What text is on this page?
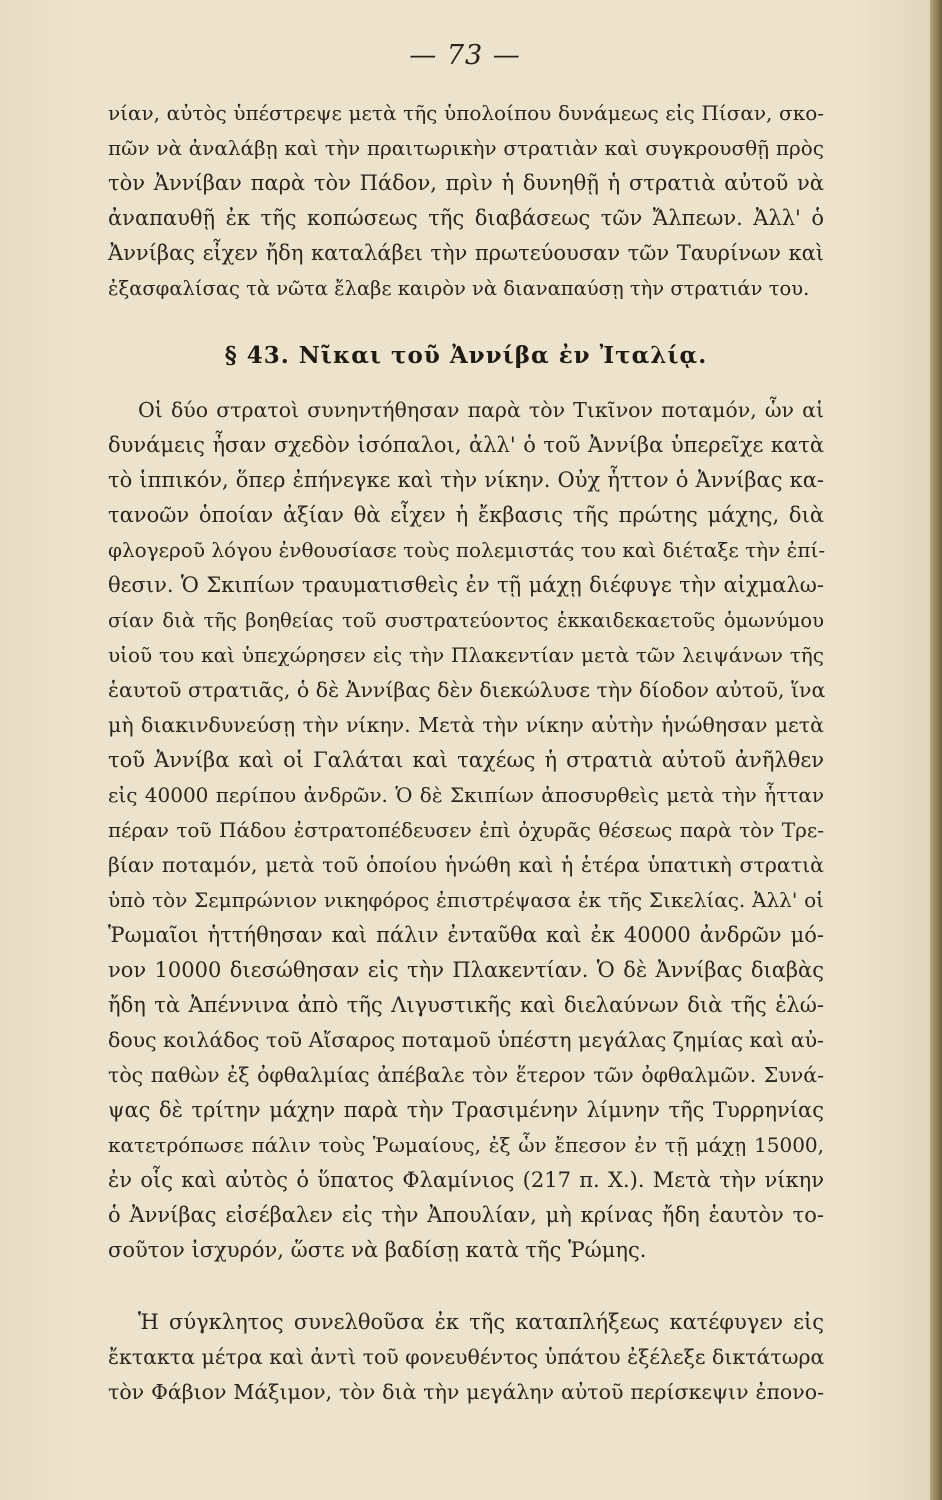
— 73 —
νίαν, αὐτὸς ὑπέστρεψε μετὰ τῆς ὑπολοίπου δυνάμεως εἰς Πίσαν, σκο-
πῶν νὰ ἀναλάβῃ καὶ τὴν πραιτωρικὴν στρατιὰν καὶ συγκρουσθῇ πρὸς
τὸν Ἀννίβαν παρὰ τὸν Πάδον, πρὶν ἡ δυνηθῇ ἡ στρατιὰ αὐτοῦ νὰ
ἀναπαυθῇ ἐκ τῆς κοπώσεως τῆς διαβάσεως τῶν Ἄλπεων. Ἀλλ' ὁ
Ἀννίβας εἶχεν ἤδη καταλάβει τὴν πρωτεύουσαν τῶν Ταυρίνων καὶ
ἐξασφαλίσας τὰ νῶτα ἔλαβε καιρὸν νὰ διαναπαύσῃ τὴν στρατιάν του.
§ 43. Νῖκαι τοῦ Ἀννίβα ἐν Ἰταλίᾳ.
Οἱ δύο στρατοὶ συνηντήθησαν παρὰ τὸν Τικῖνον ποταμόν, ὧν αἱ
δυνάμεις ἦσαν σχεδὸν ἰσόπαλοι, ἀλλ' ὁ τοῦ Ἀννίβα ὑπερεῖχε κατὰ
τὸ ἱππικόν, ὅπερ ἐπήνεγκε καὶ τὴν νίκην. Οὐχ ἧττον ὁ Ἀννίβας κα-
τανοῶν ὁποίαν ἀξίαν θὰ εἶχεν ἡ ἔκβασις τῆς πρώτης μάχης, διὰ
φλογεροῦ λόγου ἐνθουσίασε τοὺς πολεμιστάς του καὶ διέταξε τὴν ἐπί-
θεσιν. Ὁ Σκιπίων τραυματισθεὶς ἐν τῇ μάχῃ διέφυγε τὴν αἰχμαλω-
σίαν διὰ τῆς βοηθείας τοῦ συστρατεύοντος ἑκκαιδεκαετοῦς ὁμωνύμου
υἱοῦ του καὶ ὑπεχώρησεν εἰς τὴν Πλακεντίαν μετὰ τῶν λειψάνων τῆς
ἑαυτοῦ στρατιᾶς, ὁ δὲ Ἀννίβας δὲν διεκώλυσε τὴν δίοδον αὐτοῦ, ἵνα
μὴ διακινδυνεύσῃ τὴν νίκην. Μετὰ τὴν νίκην αὐτὴν ἡνώθησαν μετὰ
τοῦ Ἀννίβα καὶ οἱ Γαλάται καὶ ταχέως ἡ στρατιὰ αὐτοῦ ἀνῆλθεν
εἰς 40000 περίπου ἀνδρῶν. Ὁ δὲ Σκιπίων ἀποσυρθεὶς μετὰ τὴν ἧτταν
πέραν τοῦ Πάδου ἐστρατοπέδευσεν ἐπὶ ὀχυρᾶς θέσεως παρὰ τὸν Τρε-
βίαν ποταμόν, μετὰ τοῦ ὁποίου ἡνώθη καὶ ἡ ἑτέρα ὑπατικὴ στρατιὰ
ὑπὸ τὸν Σεμπρώνιον νικηφόρος ἐπιστρέψασα ἐκ τῆς Σικελίας. Ἀλλ' οἱ
Ῥωμαῖοι ἡττήθησαν καὶ πάλιν ἐνταῦθα καὶ ἐκ 40000 ἀνδρῶν μό-
νον 10000 διεσώθησαν εἰς τὴν Πλακεντίαν. Ὁ δὲ Ἀννίβας διαβὰς
ἤδη τὰ Ἀπέννινα ἀπὸ τῆς Λιγυστικῆς καὶ διελαύνων διὰ τῆς ἑλώ-
δους κοιλάδος τοῦ Αἴσαρος ποταμοῦ ὑπέστη μεγάλας ζημίας καὶ αὐ-
τὸς παθὼν ἐξ ὀφθαλμίας ἀπέβαλε τὸν ἕτερον τῶν ὀφθαλμῶν. Συνά-
ψας δὲ τρίτην μάχην παρὰ τὴν Τρασιμένην λίμνην τῆς Τυρρηνίας
κατετρόπωσε πάλιν τοὺς Ῥωμαίους, ἐξ ὧν ἔπεσον ἐν τῇ μάχῃ 15000,
ἐν οἷς καὶ αὐτὸς ὁ ὕπατος Φλαμίνιος (217 π. Χ.). Μετὰ τὴν νίκην
ὁ Ἀννίβας εἰσέβαλεν εἰς τὴν Ἀπουλίαν, μὴ κρίνας ἤδη ἑαυτὸν το-
σοῦτον ἰσχυρόν, ὥστε νὰ βαδίσῃ κατὰ τῆς Ῥώμης.
Ἡ σύγκλητος συνελθοῦσα ἐκ τῆς καταπλήξεως κατέφυγεν εἰς
ἔκτακτα μέτρα καὶ ἀντὶ τοῦ φονευθέντος ὑπάτου ἐξέλεξε δικτάτωρα
τὸν Φάβιον Μάξιμον, τὸν διὰ τὴν μεγάλην αὐτοῦ περίσκεψιν ἐπονο-
